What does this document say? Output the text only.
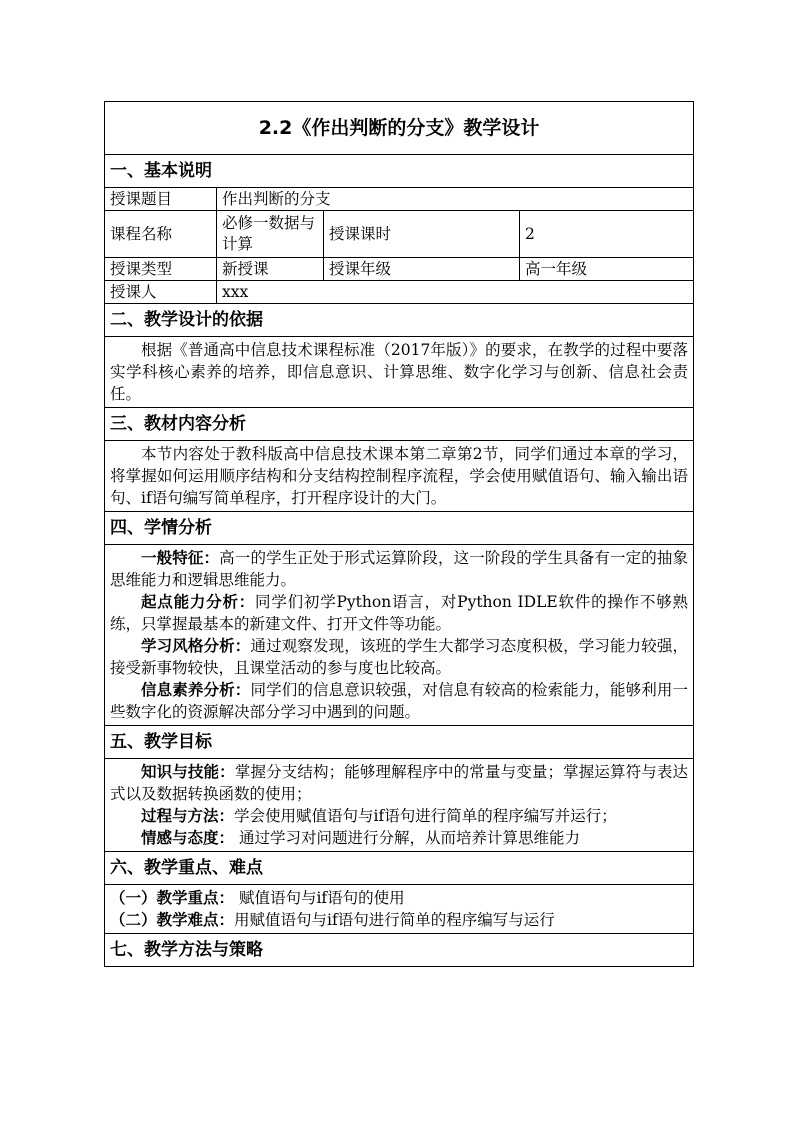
2.2《作出判断的分支》教学设计			
一、基本说明			
授课题目	作出判断的分支		
课程名称	必修一数据与计算	授课课时	2
授课类型	新授课	授课年级	高一年级
授课人	xxx		
二、教学设计的依据			

根据《普通高中信息技术课程标准（2017年版）》的要求，在教学的过程中要落实学科核心素养的培养，即信息意识、计算思维、数字化学习与创新、信息社会责任。			

三、教材内容分析			

本节内容处于教科版高中信息技术课本第二章第2节，同学们通过本章的学习，将掌握如何运用顺序结构和分支结构控制程序流程，学会使用赋值语句、输入输出语句、if语句编写简单程序，打开程序设计的大门。			

四、学情分析			

一般特征：高一的学生正处于形式运算阶段，这一阶段的学生具备有一定的抽象思维能力和逻辑思维能力。

起点能力分析：同学们初学Python语言，对Python IDLE软件的操作不够熟练，只掌握最基本的新建文件、打开文件等功能。

学习风格分析：通过观察发现，该班的学生大都学习态度积极，学习能力较强，接受新事物较快，且课堂活动的参与度也比较高。

信息素养分析：同学们的信息意识较强，对信息有较高的检索能力，能够利用一些数字化的资源解决部分学习中遇到的问题。			

五、教学目标			

知识与技能：掌握分支结构；能够理解程序中的常量与变量；掌握运算符与表达式以及数据转换函数的使用；

过程与方法：学会使用赋值语句与if语句进行简单的程序编写并运行；

情感与态度： 通过学习对问题进行分解，从而培养计算思维能力			

六、教学重点、难点			

（一）教学重点： 赋值语句与if语句的使用

（二）教学难点：用赋值语句与if语句进行简单的程序编写与运行			

七、教学方法与策略			
